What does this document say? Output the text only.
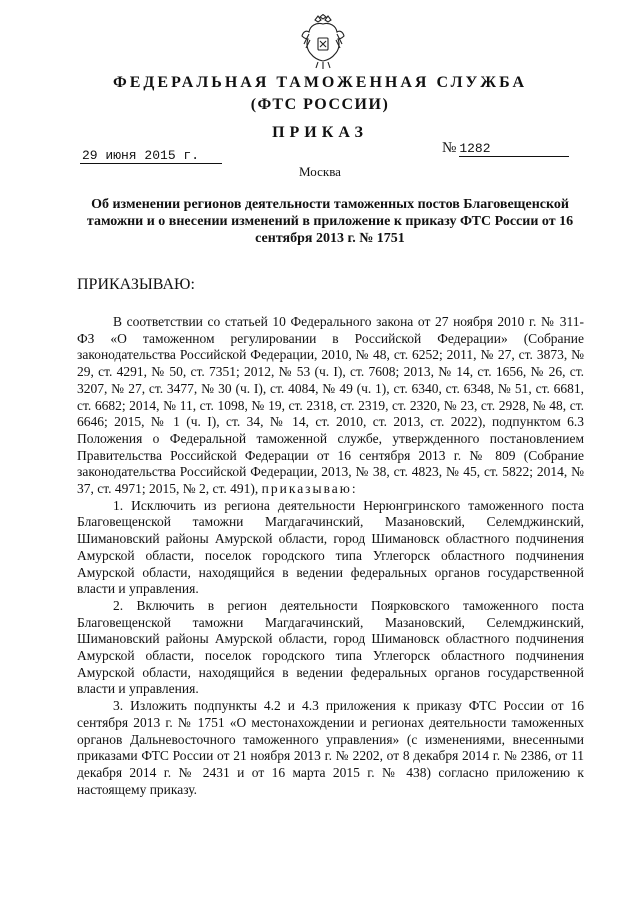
ФЕДЕРАЛЬНАЯ ТАМОЖЕННАЯ СЛУЖБА
(ФТС РОССИИ)
ПРИКАЗ
29 июня 2015 г.	№ 1282
Москва
Об изменении регионов деятельности таможенных постов Благовещенской таможни и о внесении изменений в приложение к приказу ФТС России от 16 сентября 2013 г. № 1751
ПРИКАЗЫВАЮ:

В соответствии со статьей 10 Федерального закона от 27 ноября 2010 г. № 311-ФЗ «О таможенном регулировании в Российской Федерации» (Собрание законодательства Российской Федерации, 2010, № 48, ст. 6252; 2011, № 27, ст. 3873, № 29, ст. 4291, № 50, ст. 7351; 2012, № 53 (ч. I), ст. 7608; 2013, № 14, ст. 1656, № 26, ст. 3207, № 27, ст. 3477, № 30 (ч. I), ст. 4084, № 49 (ч. 1), ст. 6340, ст. 6348, № 51, ст. 6681, ст. 6682; 2014, № 11, ст. 1098, № 19, ст. 2318, ст. 2319, ст. 2320, № 23, ст. 2928, № 48, ст. 6646; 2015, № 1 (ч. I), ст. 34, № 14, ст. 2010, ст. 2013, ст. 2022), подпунктом 6.3 Положения о Федеральной таможенной службе, утвержденного постановлением Правительства Российской Федерации от 16 сентября 2013 г. № 809 (Собрание законодательства Российской Федерации, 2013, № 38, ст. 4823, № 45, ст. 5822; 2014, № 37, ст. 4971; 2015, № 2, ст. 491), приказываю:

1. Исключить из региона деятельности Нерюнгринского таможенного поста Благовещенской таможни Магдагачинский, Мазановский, Селемджинский, Шимановский районы Амурской области, город Шимановск областного подчинения Амурской области, поселок городского типа Углегорск областного подчинения Амурской области, находящийся в ведении федеральных органов государственной власти и управления.

2. Включить в регион деятельности Поярковского таможенного поста Благовещенской таможни Магдагачинский, Мазановский, Селемджинский, Шимановский районы Амурской области, город Шимановск областного подчинения Амурской области, поселок городского типа Углегорск областного подчинения Амурской области, находящийся в ведении федеральных органов государственной власти и управления.

3. Изложить подпункты 4.2 и 4.3 приложения к приказу ФТС России от 16 сентября 2013 г. № 1751 «О местонахождении и регионах деятельности таможенных органов Дальневосточного таможенного управления» (с изменениями, внесенными приказами ФТС России от 21 ноября 2013 г. № 2202, от 8 декабря 2014 г. № 2386, от 11 декабря 2014 г. № 2431 и от 16 марта 2015 г. № 438) согласно приложению к настоящему приказу.
